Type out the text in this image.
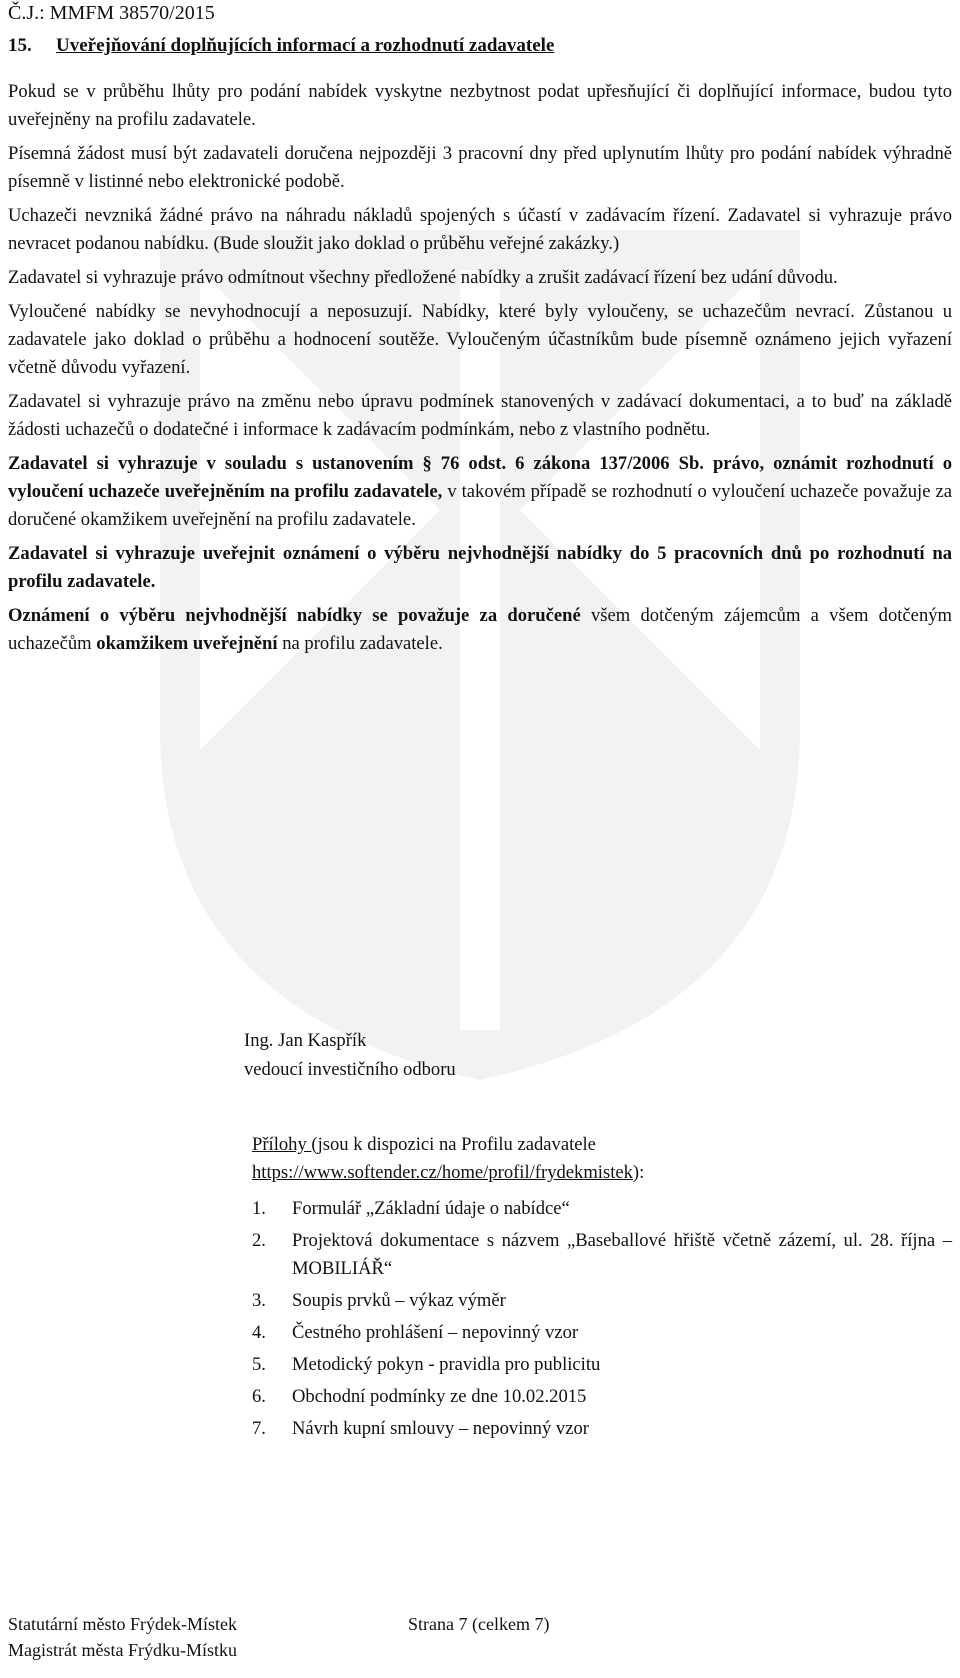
Č.J.: MMFM 38570/2015
15. Uveřejňování doplňujících informací a rozhodnutí zadavatele

Pokud se v průběhu lhůty pro podání nabídek vyskytne nezbytnost podat upřesňující či doplňující informace, budou tyto uveřejněny na profilu zadavatele.

Písemná žádost musí být zadavateli doručena nejpozději 3 pracovní dny před uplynutím lhůty pro podání nabídek výhradně písemně v listinné nebo elektronické podobě.

Uchazeči nevzniká žádné právo na náhradu nákladů spojených s účastí v zadávacím řízení. Zadavatel si vyhrazuje právo nevracet podanou nabídku. (Bude sloužit jako doklad o průběhu veřejné zakázky.)

Zadavatel si vyhrazuje právo odmítnout všechny předložené nabídky a zrušit zadávací řízení bez udání důvodu.

Vyloučené nabídky se nevyhodnocují a neposuzují. Nabídky, které byly vyloučeny, se uchazečům nevrací. Zůstanou u zadavatele jako doklad o průběhu a hodnocení soutěže. Vyloučeným účastníkům bude písemně oznámeno jejich vyřazení včetně důvodu vyřazení.

Zadavatel si vyhrazuje právo na změnu nebo úpravu podmínek stanovených v zadávací dokumentaci, a to buď na základě žádosti uchazečů o dodatečné i informace k zadávacím podmínkám, nebo z vlastního podnětu.

Zadavatel si vyhrazuje v souladu s ustanovením § 76 odst. 6 zákona 137/2006 Sb. právo, oznámit rozhodnutí o vyloučení uchazeče uveřejněním na profilu zadavatele, v takovém případě se rozhodnutí o vyloučení uchazeče považuje za doručené okamžikem uveřejnění na profilu zadavatele.

Zadavatel si vyhrazuje uveřejnit oznámení o výběru nejvhodnější nabídky do 5 pracovních dnů po rozhodnutí na profilu zadavatele.

Oznámení o výběru nejvhodnější nabídky se považuje za doručené všem dotčeným zájemcům a všem dotčeným uchazečům okamžikem uveřejnění na profilu zadavatele.

Ing. Jan Kaspřík
vedoucí investičního odboru
Přílohy (jsou k dispozici na Profilu zadavatele https://www.softender.cz/home/profil/frydekmistek):
1.	Formulář „Základní údaje o nabídce“
2.	Projektová dokumentace s názvem „Baseballové hřiště včetně zázemí, ul. 28. října – MOBILIÁŘ“
3.	Soupis prvků – výkaz výměr
4.	Čestného prohlášení – nepovinný vzor
5.	Metodický pokyn - pravidla pro publicitu
6.	Obchodní podmínky ze dne 10.02.2015
7.	Návrh kupní smlouvy – nepovinný vzor
Statutární město Frýdek-Místek
Magistrát města Frýdku-Místku
Strana 7 (celkem 7)
